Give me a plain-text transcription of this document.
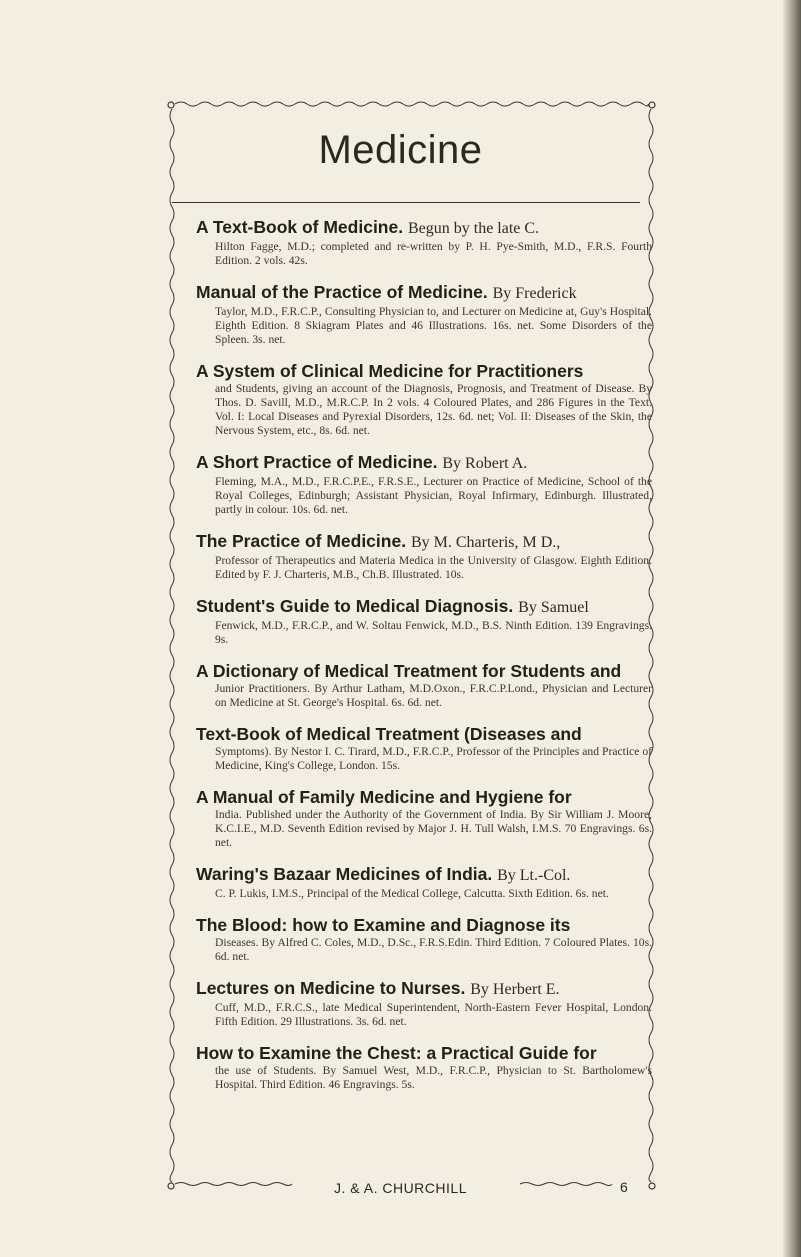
Medicine
A Text-Book of Medicine. Begun by the late C.
Hilton Fagge, M.D.; completed and re-written by P. H. Pye-Smith, M.D., F.R.S. Fourth Edition. 2 vols. 42s.
Manual of the Practice of Medicine. By Frederick
Taylor, M.D., F.R.C.P., Consulting Physician to, and Lecturer on Medicine at, Guy's Hospital. Eighth Edition. 8 Skiagram Plates and 46 Illustrations. 16s. net. Some Disorders of the Spleen. 3s. net.
A System of Clinical Medicine for Practitioners
and Students, giving an account of the Diagnosis, Prognosis, and Treatment of Disease. By Thos. D. Savill, M.D., M.R.C.P. In 2 vols. 4 Coloured Plates, and 286 Figures in the Text. Vol. I: Local Diseases and Pyrexial Disorders, 12s. 6d. net; Vol. II: Diseases of the Skin, the Nervous System, etc., 8s. 6d. net.
A Short Practice of Medicine. By Robert A.
Fleming, M.A., M.D., F.R.C.P.E., F.R.S.E., Lecturer on Practice of Medicine, School of the Royal Colleges, Edinburgh; Assistant Physician, Royal Infirmary, Edinburgh. Illustrated, partly in colour. 10s. 6d. net.
The Practice of Medicine. By M. Charteris, M D.,
Professor of Therapeutics and Materia Medica in the University of Glasgow. Eighth Edition. Edited by F. J. Charteris, M.B., Ch.B. Illustrated. 10s.
Student's Guide to Medical Diagnosis. By Samuel
Fenwick, M.D., F.R.C.P., and W. Soltau Fenwick, M.D., B.S. Ninth Edition. 139 Engravings. 9s.
A Dictionary of Medical Treatment for Students and
Junior Practitioners. By Arthur Latham, M.D.Oxon., F.R.C.P.Lond., Physician and Lecturer on Medicine at St. George's Hospital. 6s. 6d. net.
Text-Book of Medical Treatment (Diseases and
Symptoms). By Nestor I. C. Tirard, M.D., F.R.C.P., Professor of the Principles and Practice of Medicine, King's College, London. 15s.
A Manual of Family Medicine and Hygiene for
India. Published under the Authority of the Government of India. By Sir William J. Moore, K.C.I.E., M.D. Seventh Edition revised by Major J. H. Tull Walsh, I.M.S. 70 Engravings. 6s. net.
Waring's Bazaar Medicines of India. By Lt.-Col.
C. P. Lukis, I.M.S., Principal of the Medical College, Calcutta. Sixth Edition. 6s. net.
The Blood: how to Examine and Diagnose its
Diseases. By Alfred C. Coles, M.D., D.Sc., F.R.S.Edin. Third Edition. 7 Coloured Plates. 10s. 6d. net.
Lectures on Medicine to Nurses. By Herbert E.
Cuff, M.D., F.R.C.S., late Medical Superintendent, North-Eastern Fever Hospital, London. Fifth Edition. 29 Illustrations. 3s. 6d. net.
How to Examine the Chest: a Practical Guide for
the use of Students. By Samuel West, M.D., F.R.C.P., Physician to St. Bartholomew's Hospital. Third Edition. 46 Engravings. 5s.
J. & A. CHURCHILL	6
